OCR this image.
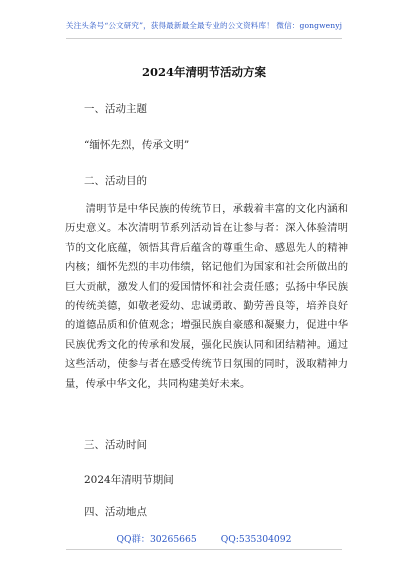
关注头条号“公文研究”，获得最新最全最专业的公文资料库！ 微信：gongwenyj
2024年清明节活动方案
一、活动主题
“缅怀先烈，传承文明”
二、活动目的
清明节是中华民族的传统节日，承载着丰富的文化内涵和历史意义。本次清明节系列活动旨在让参与者：深入体验清明节的文化底蕴，领悟其背后蕴含的尊重生命、感恩先人的精神内核；缅怀先烈的丰功伟绩，铭记他们为国家和社会所做出的巨大贡献，激发人们的爱国情怀和社会责任感；弘扬中华民族的传统美德，如敬老爱幼、忠诚勇敢、勤劳善良等，培养良好的道德品质和价值观念；增强民族自豪感和凝聚力，促进中华民族优秀文化的传承和发展，强化民族认同和团结精神。通过这些活动，使参与者在感受传统节日氛围的同时，汲取精神力量，传承中华文化，共同构建美好未来。
三、活动时间
2024年清明节期间
四、活动地点
QQ群：30265665	QQ:535304092
